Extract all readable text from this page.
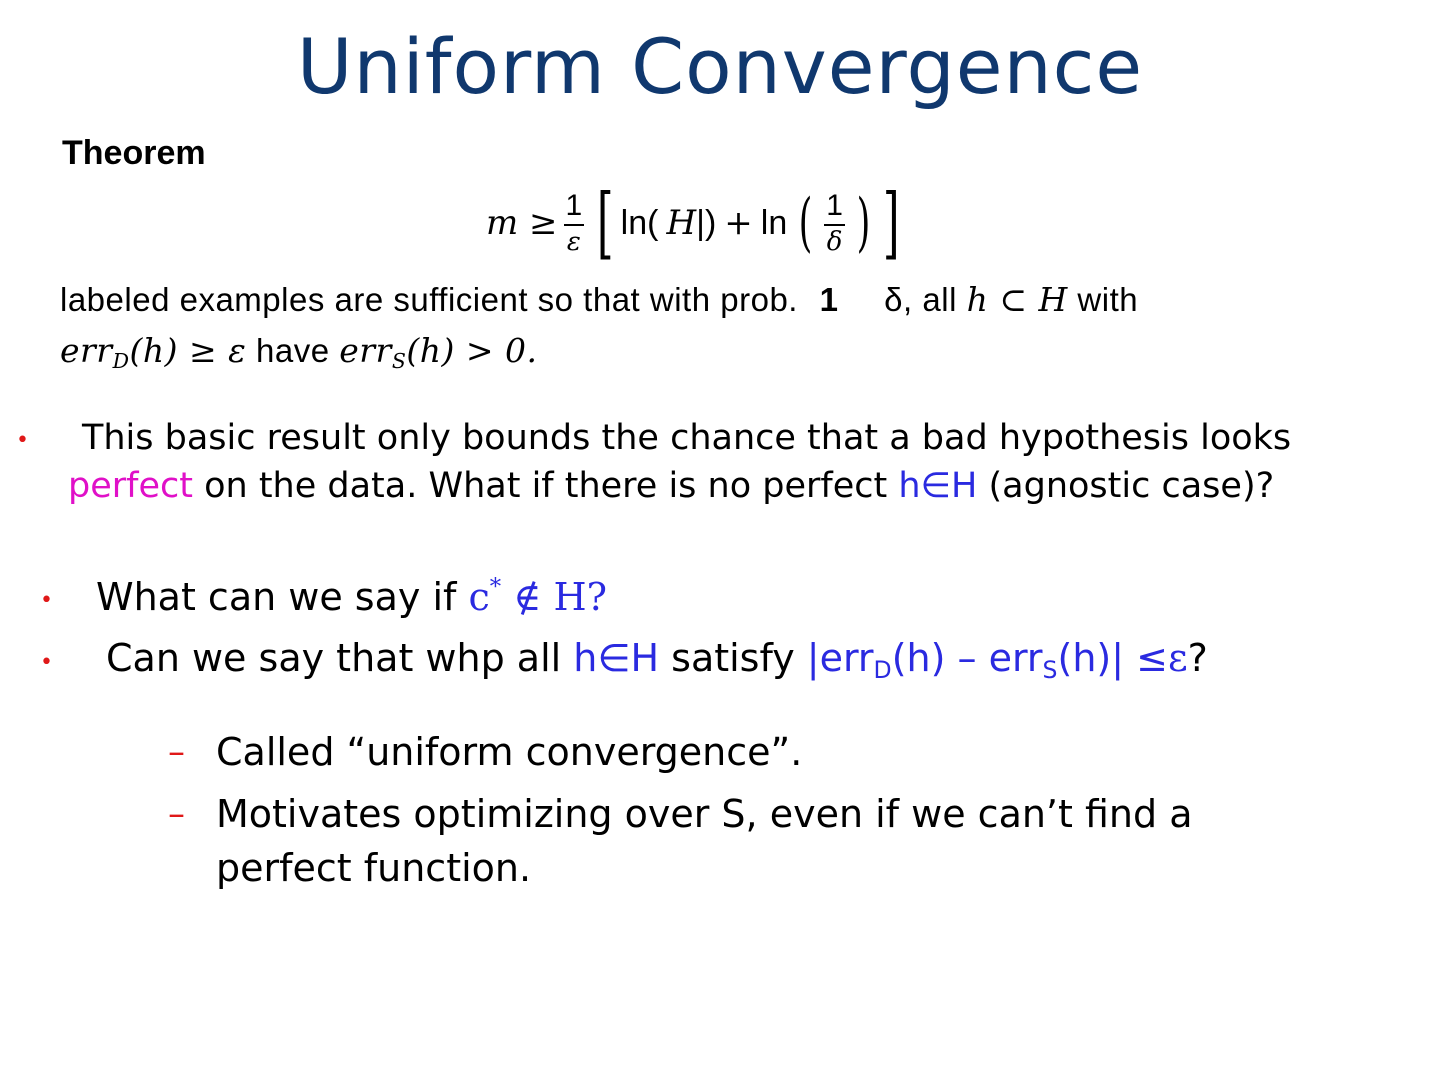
Uniform Convergence
Theorem
$m \ge \frac{1}{\varepsilon}$ [ ln( H |) + ln ( $\frac{1}{\delta}$ ) ]
labeled examples are sufficient so that with prob. 1 δ, all h ⊂ H with
err$_D$(h) ≥ ε have err$_S$(h) > 0.
• This basic result only bounds the chance that a bad hypothesis looks
perfect on the data. What if there is no perfect h∈H (agnostic case)?
• What can we say if c* ∉ H?
• Can we say that whp all h∈H satisfy |err$_D$(h) – err$_S$(h)| ≤ε?
– Called “uniform convergence”.
– Motivates optimizing over S, even if we can’t find a
perfect function.
